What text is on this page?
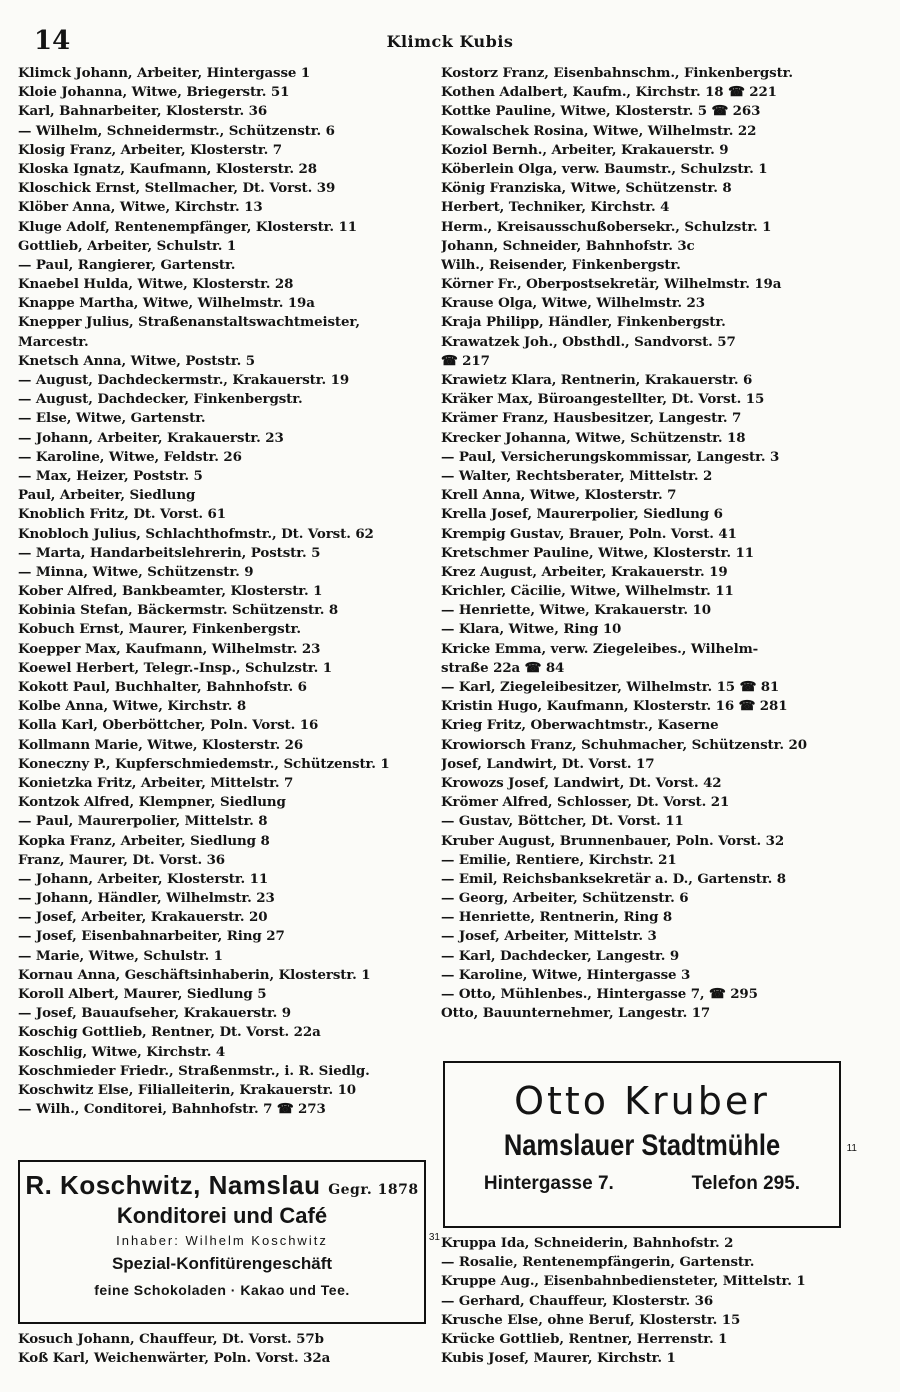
14	Klimck Kubis
Klimck Johann, Arbeiter, Hintergasse 1
Kloie Johanna, Witwe, Briegerstr. 51
Karl, Bahnarbeiter, Klosterstr. 36
— Wilhelm, Schneidermstr., Schützenstr. 6
Klosig Franz, Arbeiter, Klosterstr. 7
Kloska Ignatz, Kaufmann, Klosterstr. 28
Kloschick Ernst, Stellmacher, Dt. Vorst. 39
Klöber Anna, Witwe, Kirchstr. 13
Kluge Adolf, Rentenempfänger, Klosterstr. 11
Gottlieb, Arbeiter, Schulstr. 1
— Paul, Rangierer, Gartenstr.
Knaebel Hulda, Witwe, Klosterstr. 28
Knappe Martha, Witwe, Wilhelmstr. 19a
Knepper Julius, Straßenanstaltswachtmeister,
Marcestr.
Knetsch Anna, Witwe, Poststr. 5
— August, Dachdeckermstr., Krakauerstr. 19
— August, Dachdecker, Finkenbergstr.
— Else, Witwe, Gartenstr.
— Johann, Arbeiter, Krakauerstr. 23
— Karoline, Witwe, Feldstr. 26
— Max, Heizer, Poststr. 5
Paul, Arbeiter, Siedlung
Knoblich Fritz, Dt. Vorst. 61
Knobloch Julius, Schlachthofmstr., Dt. Vorst. 62
— Marta, Handarbeitslehrerin, Poststr. 5
— Minna, Witwe, Schützenstr. 9
Kober Alfred, Bankbeamter, Klosterstr. 1
Kobinia Stefan, Bäckermstr. Schützenstr. 8
Kobuch Ernst, Maurer, Finkenbergstr.
Koepper Max, Kaufmann, Wilhelmstr. 23
Koewel Herbert, Telegr.-Insp., Schulzstr. 1
Kokott Paul, Buchhalter, Bahnhofstr. 6
Kolbe Anna, Witwe, Kirchstr. 8
Kolla Karl, Oberböttcher, Poln. Vorst. 16
Kollmann Marie, Witwe, Klosterstr. 26
Koneczny P., Kupferschmiedemstr., Schützenstr. 1
Konietzka Fritz, Arbeiter, Mittelstr. 7
Kontzok Alfred, Klempner, Siedlung
— Paul, Maurerpolier, Mittelstr. 8
Kopka Franz, Arbeiter, Siedlung 8
Franz, Maurer, Dt. Vorst. 36
— Johann, Arbeiter, Klosterstr. 11
— Johann, Händler, Wilhelmstr. 23
— Josef, Arbeiter, Krakauerstr. 20
— Josef, Eisenbahnarbeiter, Ring 27
— Marie, Witwe, Schulstr. 1
Kornau Anna, Geschäftsinhaberin, Klosterstr. 1
Koroll Albert, Maurer, Siedlung 5
— Josef, Bauaufseher, Krakauerstr. 9
Koschig Gottlieb, Rentner, Dt. Vorst. 22a
Koschlig, Witwe, Kirchstr. 4
Koschmieder Friedr., Straßenmstr., i. R. Siedlg.
Koschwitz Else, Filialleiterin, Krakauerstr. 10
— Wilh., Conditorei, Bahnhofstr. 7 ☎ 273
Kostorz Franz, Eisenbahnschm., Finkenbergstr.
Kothen Adalbert, Kaufm., Kirchstr. 18 ☎ 221
Kottke Pauline, Witwe, Klosterstr. 5 ☎ 263
Kowalschek Rosina, Witwe, Wilhelmstr. 22
Koziol Bernh., Arbeiter, Krakauerstr. 9
Köberlein Olga, verw. Baumstr., Schulzstr. 1
König Franziska, Witwe, Schützenstr. 8
Herbert, Techniker, Kirchstr. 4
Herm., Kreisausschußobersekr., Schulzstr. 1
Johann, Schneider, Bahnhofstr. 3c
Wilh., Reisender, Finkenbergstr.
Körner Fr., Oberpostsekretär, Wilhelmstr. 19a
Krause Olga, Witwe, Wilhelmstr. 23
Kraja Philipp, Händler, Finkenbergstr.
Krawatzek Joh., Obsthdl., Sandvorst. 57
☎ 217
Krawietz Klara, Rentnerin, Krakauerstr. 6
Kräker Max, Büroangestellter, Dt. Vorst. 15
Krämer Franz, Hausbesitzer, Langestr. 7
Krecker Johanna, Witwe, Schützenstr. 18
— Paul, Versicherungskommissar, Langestr. 3
— Walter, Rechtsberater, Mittelstr. 2
Krell Anna, Witwe, Klosterstr. 7
Krella Josef, Maurerpolier, Siedlung 6
Krempig Gustav, Brauer, Poln. Vorst. 41
Kretschmer Pauline, Witwe, Klosterstr. 11
Krez August, Arbeiter, Krakauerstr. 19
Krichler, Cäcilie, Witwe, Wilhelmstr. 11
— Henriette, Witwe, Krakauerstr. 10
— Klara, Witwe, Ring 10
Kricke Emma, verw. Ziegeleibes., Wilhelm-
straße 22a ☎ 84
— Karl, Ziegeleibesitzer, Wilhelmstr. 15 ☎ 81
Kristin Hugo, Kaufmann, Klosterstr. 16 ☎ 281
Krieg Fritz, Oberwachtmstr., Kaserne
Krowiorsch Franz, Schuhmacher, Schützenstr. 20
Josef, Landwirt, Dt. Vorst. 17
Krowozs Josef, Landwirt, Dt. Vorst. 42
Krömer Alfred, Schlosser, Dt. Vorst. 21
— Gustav, Böttcher, Dt. Vorst. 11
Kruber August, Brunnenbauer, Poln. Vorst. 32
— Emilie, Rentiere, Kirchstr. 21
— Emil, Reichsbanksekretär a. D., Gartenstr. 8
— Georg, Arbeiter, Schützenstr. 6
— Henriette, Rentnerin, Ring 8
— Josef, Arbeiter, Mittelstr. 3
— Karl, Dachdecker, Langestr. 9
— Karoline, Witwe, Hintergasse 3
— Otto, Mühlenbes., Hintergasse 7, ☎ 295
Otto, Bauunternehmer, Langestr. 17
R. Koschwitz, Namslau Gegr. 1878
Konditorei und Café
Inhaber: Wilhelm Koschwitz
Spezial-Konfitürengeschäft
feine Schokoladen · Kakao und Tee.
31
Otto Kruber
Namslauer Stadtmühle
Hintergasse 7.	Telefon 295.
11
Kosuch Johann, Chauffeur, Dt. Vorst. 57b
Koß Karl, Weichenwärter, Poln. Vorst. 32a
Kruppa Ida, Schneiderin, Bahnhofstr. 2
— Rosalie, Rentenempfängerin, Gartenstr.
Kruppe Aug., Eisenbahnbediensteter, Mittelstr. 1
— Gerhard, Chauffeur, Klosterstr. 36
Krusche Else, ohne Beruf, Klosterstr. 15
Krücke Gottlieb, Rentner, Herrenstr. 1
Kubis Josef, Maurer, Kirchstr. 1
